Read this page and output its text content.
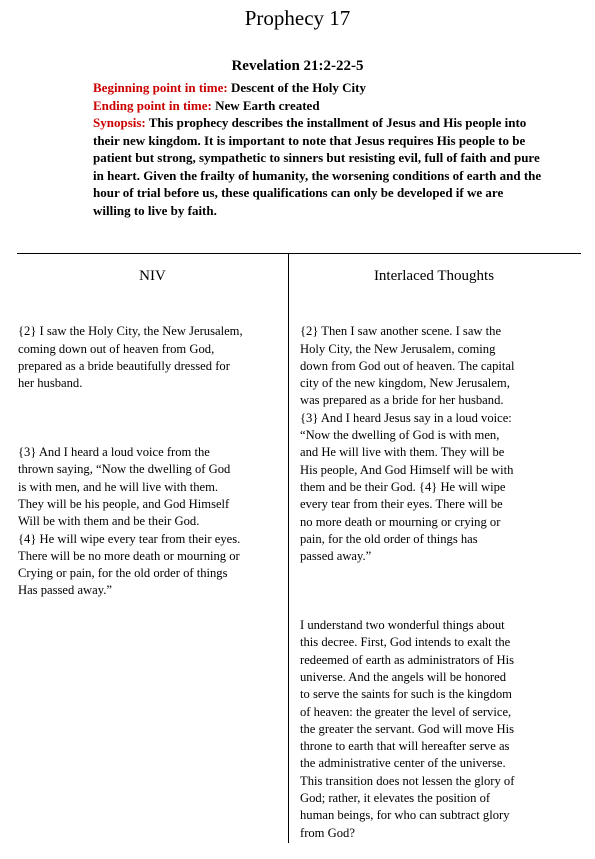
Prophecy 17
Revelation 21:2-22-5
Beginning point in time: Descent of the Holy City
Ending point in time: New Earth created
Synopsis: This prophecy describes the installment of Jesus and His people into their new kingdom. It is important to note that Jesus requires His people to be patient but strong, sympathetic to sinners but resisting evil, full of faith and pure in heart. Given the frailty of humanity, the worsening conditions of earth and the hour of trial before us, these qualifications can only be developed if we are willing to live by faith.
NIV	Interlaced Thoughts

{2} I saw the Holy City, the New Jerusalem,
coming down out of heaven from God,
prepared as a bride beautifully dressed for
her husband.

{3} And I heard a loud voice from the
thrown saying, “Now the dwelling of God
is with men, and he will live with them.
They will be his people, and God Himself
Will be with them and be their God.
{4} He will wipe every tear from their eyes.
There will be no more death or mourning or
Crying or pain, for the old order of things
Has passed away.”

{2} Then I saw another scene. I saw the
Holy City, the New Jerusalem, coming
down from God out of heaven. The capital
city of the new kingdom, New Jerusalem,
was prepared as a bride for her husband.
{3} And I heard Jesus say in a loud voice:
“Now the dwelling of God is with men,
and He will live with them. They will be
His people, And God Himself will be with
them and be their God. {4} He will wipe
every tear from their eyes. There will be
no more death or mourning or crying or
pain, for the old order of things has
passed away.”

I understand two wonderful things about
this decree. First, God intends to exalt the
redeemed of earth as administrators of His
universe. And the angels will be honored
to serve the saints for such is the kingdom
of heaven: the greater the level of service,
the greater the servant. God will move His
throne to earth that will hereafter serve as
the administrative center of the universe.
This transition does not lessen the glory of
God; rather, it elevates the position of
human beings, for who can subtract glory
from God?
